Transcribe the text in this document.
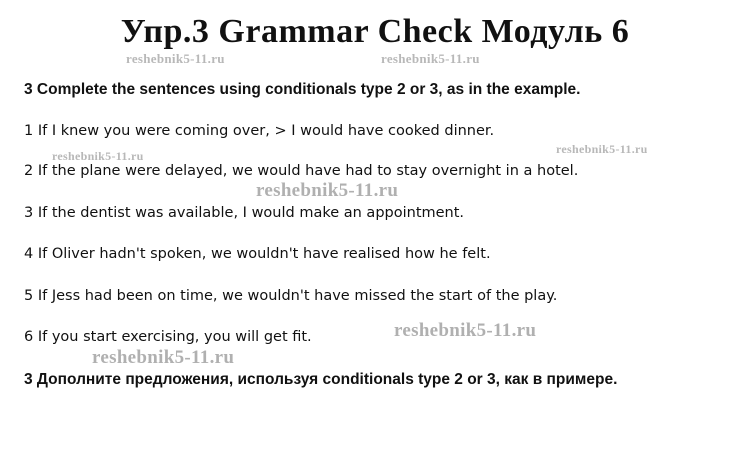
Упр.3 Grammar Check Модуль 6
reshebnik5-11.ru	reshebnik5-11.ru
3 Complete the sentences using conditionals type 2 or 3, as in the example.
1 If I knew you were coming over, > I would have cooked dinner.
reshebnik5-11.ru
reshebnik5-11.ru
2 If the plane were delayed, we would have had to stay overnight in a hotel.
reshebnik5-11.ru
3 If the dentist was available, I would make an appointment.
4 If Oliver hadn't spoken, we wouldn't have realised how he felt.
5 If Jess had been on time, we wouldn't have missed the start of the play.
reshebnik5-11.ru
6 If you start exercising, you will get fit.
reshebnik5-11.ru
3 Дополните предложения, используя conditionals type 2 or 3, как в примере.
